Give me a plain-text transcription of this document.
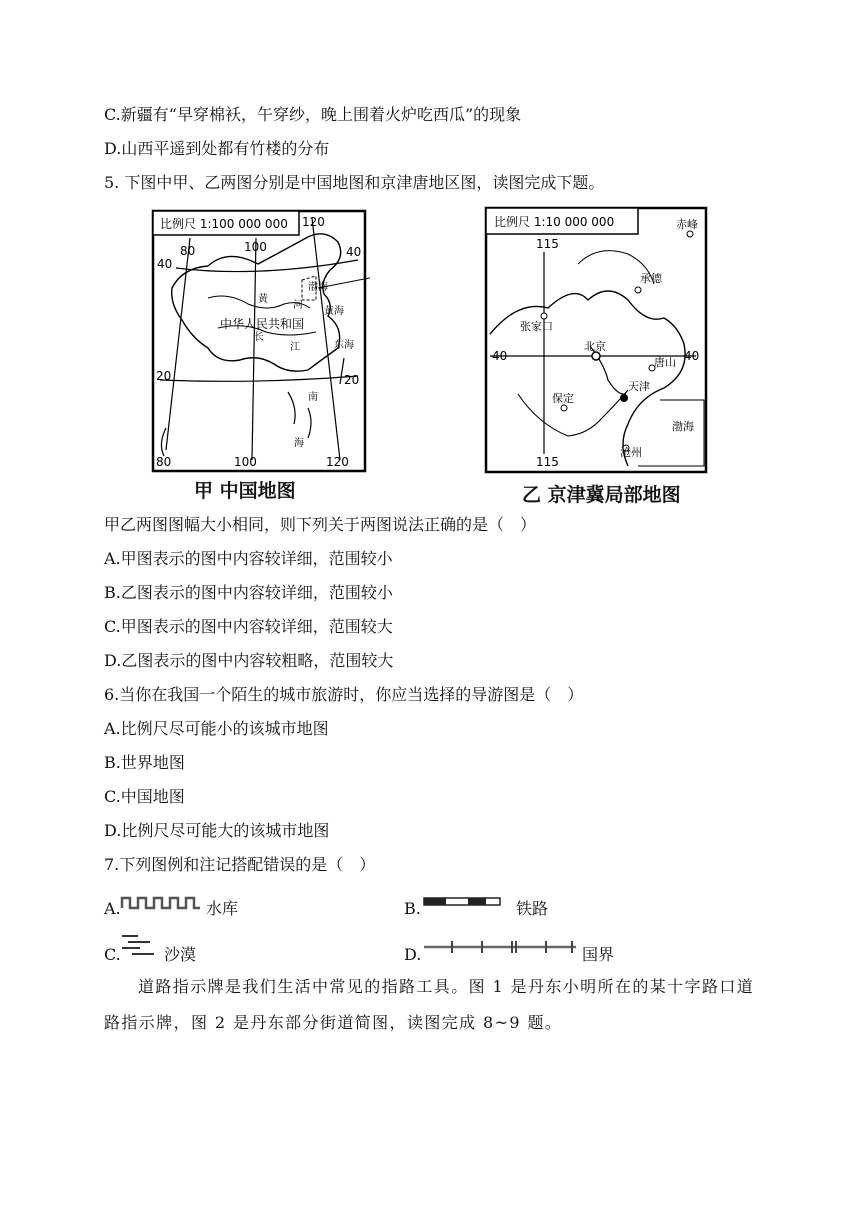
C.新疆有“早穿棉袄，午穿纱，晚上围着火炉吃西瓜”的现象
D.山西平遥到处都有竹楼的分布
5. 下图中甲、乙两图分别是中国地图和京津唐地区图，读图完成下题。
比例尺 1:100 000 000
80	100
120
80	100	120
40
40
20	20
黄
河
渤海
黄海
中华人民共和国
长
江	东海
南
海
甲 中国地图
比例尺 1:10 000 000
115
115
40	40
赤峰
承德
张家口
北京
唐山
天津
保定
渤海
沧州
乙 京津冀局部地图
甲乙两图图幅大小相同，则下列关于两图说法正确的是（　）
A.甲图表示的图中内容较详细，范围较小
B.乙图表示的图中内容较详细，范围较小
C.甲图表示的图中内容较详细，范围较大
D.乙图表示的图中内容较粗略，范围较大
6.当你在我国一个陌生的城市旅游时，你应当选择的导游图是（　）
A.比例尺尽可能小的该城市地图
B.世界地图
C.中国地图
D.比例尺尽可能大的该城市地图
7.下列图例和注记搭配错误的是（　）
A.	水库	B.	铁路
C.	沙漠	D.	国界
道路指示牌是我们生活中常见的指路工具。图 1 是丹东小明所在的某十字路口道
路指示牌，图 2 是丹东部分街道简图，读图完成 8~9 题。
